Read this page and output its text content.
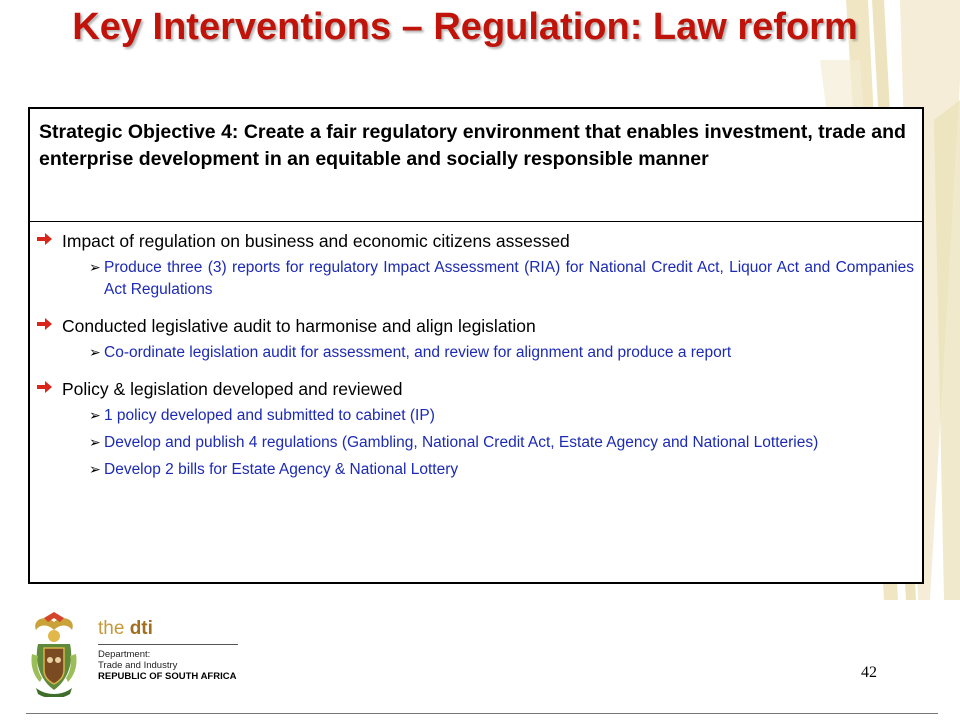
Key Interventions – Regulation: Law reform
Strategic Objective 4: Create a fair regulatory environment that enables investment, trade and enterprise development in an equitable and socially responsible manner
Impact of regulation on business and economic citizens assessed
➢ Produce three (3) reports for regulatory Impact Assessment (RIA) for National Credit Act, Liquor Act and Companies Act Regulations
Conducted legislative audit to harmonise and align legislation
➢ Co-ordinate legislation audit for assessment, and review for alignment and produce a report
Policy & legislation developed and reviewed
➢ 1 policy developed and submitted to cabinet (IP)
➢ Develop and publish 4 regulations (Gambling, National Credit Act, Estate Agency and National Lotteries)
➢ Develop 2 bills for Estate Agency & National Lottery
the dti
Department:
Trade and Industry
REPUBLIC OF SOUTH AFRICA	42
